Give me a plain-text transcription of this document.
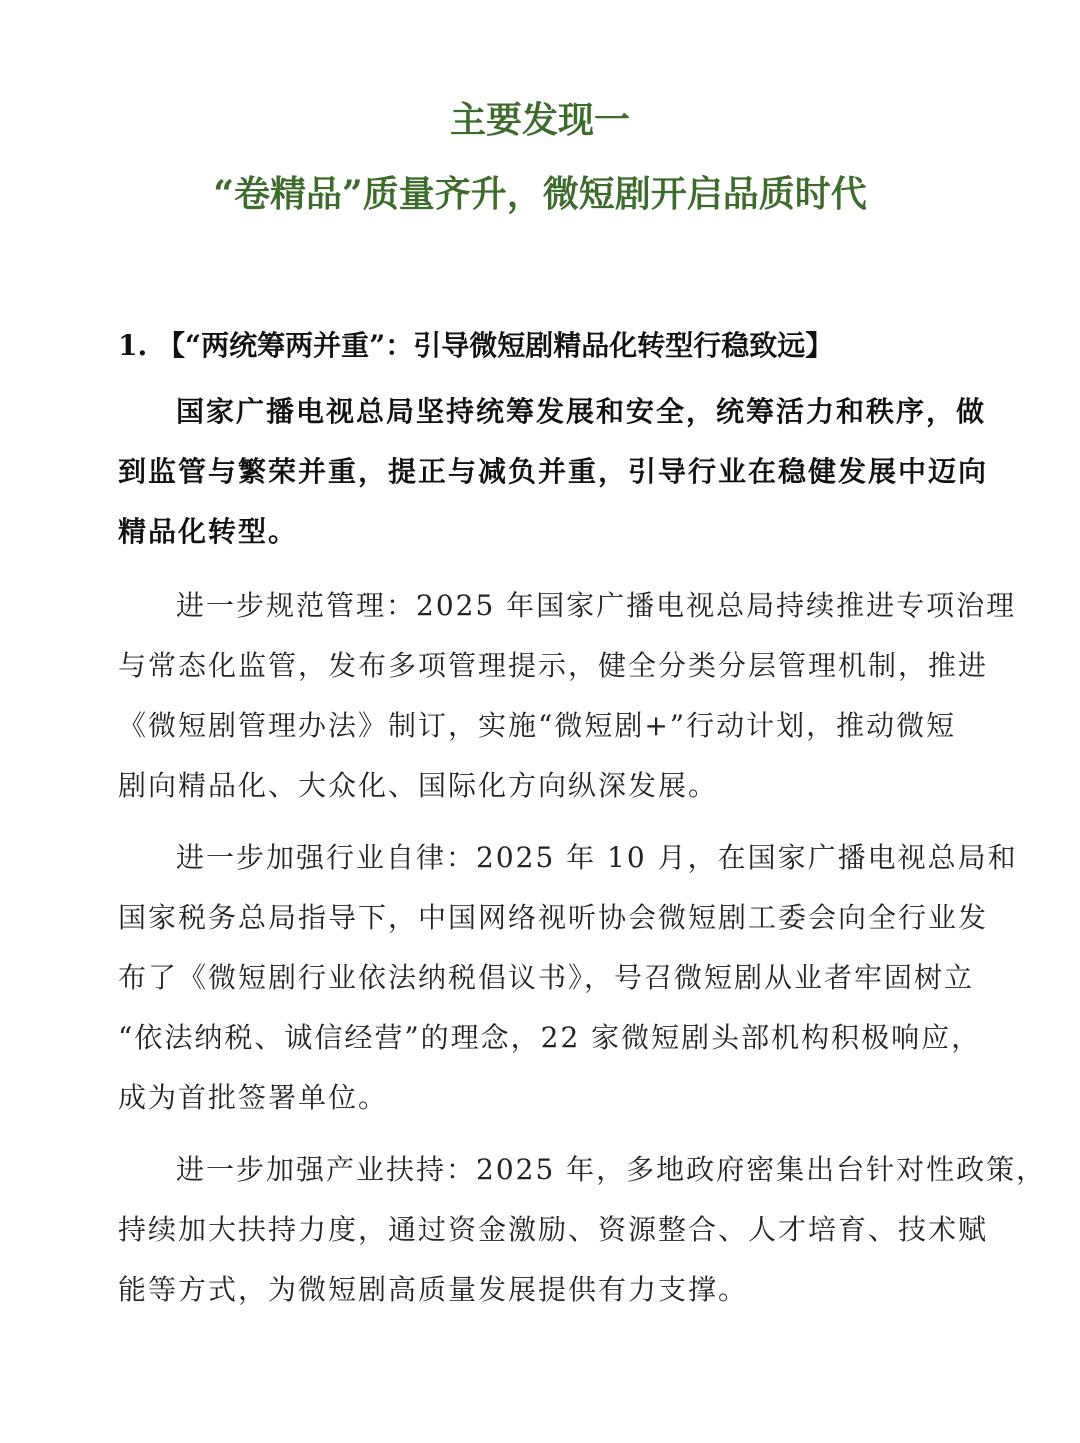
主要发现一
“卷精品”质量齐升，微短剧开启品质时代
1. 【“两统筹两并重”：引导微短剧精品化转型行稳致远】
国家广播电视总局坚持统筹发展和安全，统筹活力和秩序，做
到监管与繁荣并重，提正与减负并重，引导行业在稳健发展中迈向
精品化转型。
进一步规范管理：2025 年国家广播电视总局持续推进专项治理
与常态化监管，发布多项管理提示，健全分类分层管理机制，推进
《微短剧管理办法》制订，实施“微短剧+”行动计划，推动微短
剧向精品化、大众化、国际化方向纵深发展。
进一步加强行业自律：2025 年 10 月，在国家广播电视总局和
国家税务总局指导下，中国网络视听协会微短剧工委会向全行业发
布了《微短剧行业依法纳税倡议书》，号召微短剧从业者牢固树立
“依法纳税、诚信经营”的理念，22 家微短剧头部机构积极响应，
成为首批签署单位。
进一步加强产业扶持：2025 年，多地政府密集出台针对性政策，
持续加大扶持力度，通过资金激励、资源整合、人才培育、技术赋
能等方式，为微短剧高质量发展提供有力支撑。
